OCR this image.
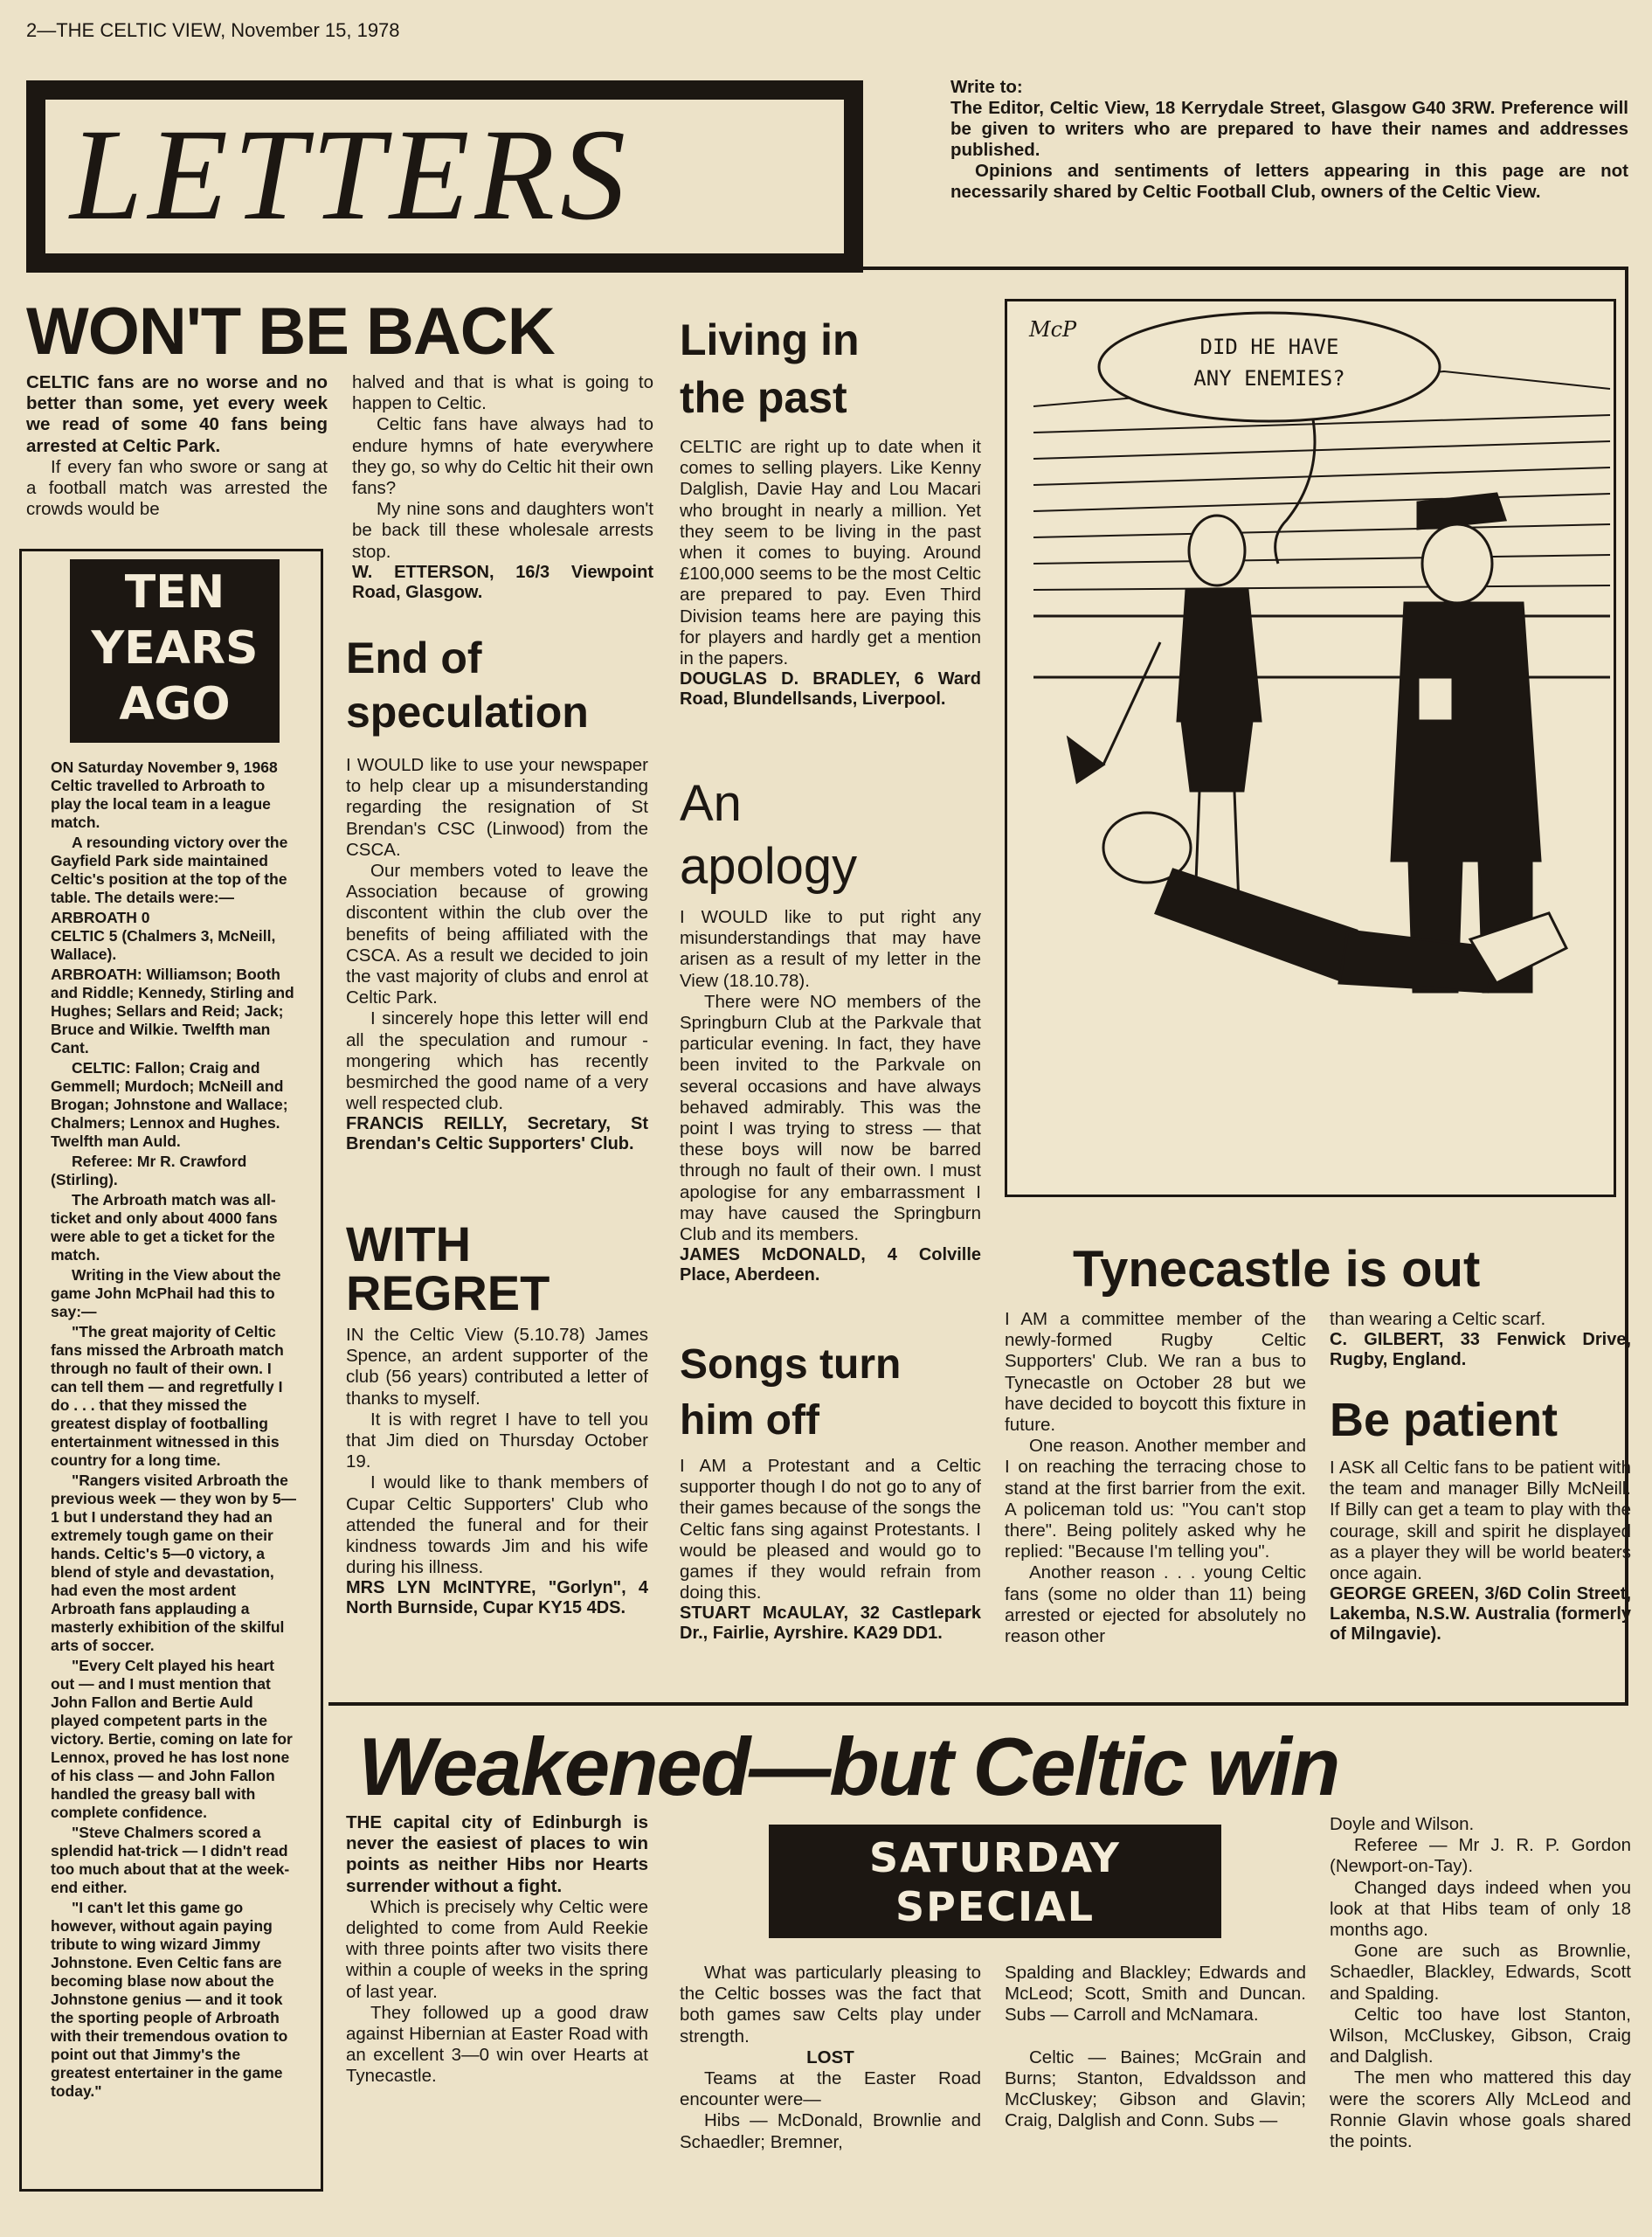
2—THE CELTIC VIEW, November 15, 1978
LETTERS
Write to:
The Editor, Celtic View, 18 Kerrydale Street, Glasgow G40 3RW. Preference will be given to writers who are prepared to have their names and addresses published.
Opinions and sentiments of letters appearing in this page are not necessarily shared by Celtic Football Club, owners of the Celtic View.
WON'T BE BACK

CELTIC fans are no worse and no better than some, yet every week we read of some 40 fans being arrested at Celtic Park.

If every fan who swore or sang at a football match was arrested the crowds would be

halved and that is what is going to happen to Celtic.

Celtic fans have always had to endure hymns of hate everywhere they go, so why do Celtic hit their own fans?

My nine sons and daughters won't be back till these wholesale arrests stop.

W. ETTERSON, 16/3 Viewpoint Road, Glasgow.

TEN
YEARS
AGO

ON Saturday November 9, 1968 Celtic travelled to Arbroath to play the local team in a league match.

A resounding victory over the Gayfield Park side maintained Celtic's position at the top of the table. The details were:—

ARBROATH 0

CELTIC 5 (Chalmers 3, McNeill, Wallace).

ARBROATH: Williamson; Booth and Riddle; Kennedy, Stirling and Hughes; Sellars and Reid; Jack; Bruce and Wilkie. Twelfth man Cant.

CELTIC: Fallon; Craig and Gemmell; Murdoch; McNeill and Brogan; Johnstone and Wallace; Chalmers; Lennox and Hughes. Twelfth man Auld.

Referee: Mr R. Crawford (Stirling).

The Arbroath match was all-ticket and only about 4000 fans were able to get a ticket for the match.

Writing in the View about the game John McPhail had this to say:—

"The great majority of Celtic fans missed the Arbroath match through no fault of their own. I can tell them — and regretfully I do . . . that they missed the greatest display of footballing entertainment witnessed in this country for a long time.

"Rangers visited Arbroath the previous week — they won by 5—1 but I understand they had an extremely tough game on their hands. Celtic's 5—0 victory, a blend of style and devastation, had even the most ardent Arbroath fans applauding a masterly exhibition of the skilful arts of soccer.

"Every Celt played his heart out — and I must mention that John Fallon and Bertie Auld played competent parts in the victory. Bertie, coming on late for Lennox, proved he has lost none of his class — and John Fallon handled the greasy ball with complete confidence.

"Steve Chalmers scored a splendid hat-trick — I didn't read too much about that at the week-end either.

"I can't let this game go however, without again paying tribute to wing wizard Jimmy Johnstone. Even Celtic fans are becoming blase now about the Johnstone genius — and it took the sporting people of Arbroath with their tremendous ovation to point out that Jimmy's the greatest entertainer in the game today."

End of
speculation

I WOULD like to use your newspaper to help clear up a misunderstanding regarding the resignation of St Brendan's CSC (Linwood) from the CSCA.

Our members voted to leave the Association because of growing discontent within the club over the benefits of being affiliated with the CSCA. As a result we decided to join the vast majority of clubs and enrol at Celtic Park.

I sincerely hope this letter will end all the speculation and rumour - mongering which has recently besmirched the good name of a very well respected club.

FRANCIS REILLY, Secretary, St Brendan's Celtic Supporters' Club.

WITH
REGRET

IN the Celtic View (5.10.78) James Spence, an ardent supporter of the club (56 years) contributed a letter of thanks to myself.

It is with regret I have to tell you that Jim died on Thursday October 19.

I would like to thank members of Cupar Celtic Supporters' Club who attended the funeral and for their kindness towards Jim and his wife during his illness.

MRS LYN McINTYRE, "Gorlyn", 4 North Burnside, Cupar KY15 4DS.

Living in
the past

CELTIC are right up to date when it comes to selling players. Like Kenny Dalglish, Davie Hay and Lou Macari who brought in nearly a million. Yet they seem to be living in the past when it comes to buying. Around £100,000 seems to be the most Celtic are prepared to pay. Even Third Division teams here are paying this for players and hardly get a mention in the papers.

DOUGLAS D. BRADLEY, 6 Ward Road, Blundellsands, Liverpool.

An
apology

I WOULD like to put right any misunderstandings that may have arisen as a result of my letter in the View (18.10.78).

There were NO members of the Springburn Club at the Parkvale that particular evening. In fact, they have been invited to the Parkvale on several occasions and have always behaved admirably. This was the point I was trying to stress — that these boys will now be barred through no fault of their own. I must apologise for any embarrassment I may have caused the Springburn Club and its members.

JAMES McDONALD, 4 Colville Place, Aberdeen.

Songs turn
him off

I AM a Protestant and a Celtic supporter though I do not go to any of their games because of the songs the Celtic fans sing against Protestants. I would be pleased and would go to games if they would refrain from doing this.

STUART McAULAY, 32 Castlepark Dr., Fairlie, Ayrshire. KA29 DD1.

DID HE HAVE
ANY ENEMIES?
McP
Tynecastle is out

I AM a committee member of the newly-formed Rugby Celtic Supporters' Club. We ran a bus to Tynecastle on October 28 but we have decided to boycott this fixture in future.

One reason. Another member and I on reaching the terracing chose to stand at the first barrier from the exit. A policeman told us: "You can't stop there". Being politely asked why he replied: "Because I'm telling you".

Another reason . . . young Celtic fans (some no older than 11) being arrested or ejected for absolutely no reason other

than wearing a Celtic scarf.

C. GILBERT, 33 Fenwick Drive, Rugby, England.

Be patient

I ASK all Celtic fans to be patient with the team and manager Billy McNeill. If Billy can get a team to play with the courage, skill and spirit he displayed as a player they will be world beaters once again.

GEORGE GREEN, 3/6D Colin Street, Lakemba, N.S.W. Australia (formerly of Milngavie).

Weakened—but Celtic win

THE capital city of Edinburgh is never the easiest of places to win points as neither Hibs nor Hearts surrender without a fight.

Which is precisely why Celtic were delighted to come from Auld Reekie with three points after two visits there within a couple of weeks in the spring of last year.

They followed up a good draw against Hibernian at Easter Road with an excellent 3—0 win over Hearts at Tynecastle.

SATURDAY
SPECIAL

What was particularly pleasing to the Celtic bosses was the fact that both games saw Celts play under strength.

LOST

Teams at the Easter Road encounter were—

Hibs — McDonald, Brownlie and Schaedler; Bremner,

Spalding and Blackley; Edwards and McLeod; Scott, Smith and Duncan. Subs — Carroll and McNamara.

Celtic — Baines; McGrain and Burns; Stanton, Edvaldsson and McCluskey; Gibson and Glavin; Craig, Dalglish and Conn. Subs —

Doyle and Wilson.

Referee — Mr J. R. P. Gordon (Newport-on-Tay).

Changed days indeed when you look at that Hibs team of only 18 months ago.

Gone are such as Brownlie, Schaedler, Blackley, Edwards, Scott and Spalding.

Celtic too have lost Stanton, Wilson, McCluskey, Gibson, Craig and Dalglish.

The men who mattered this day were the scorers Ally McLeod and Ronnie Glavin whose goals shared the points.
